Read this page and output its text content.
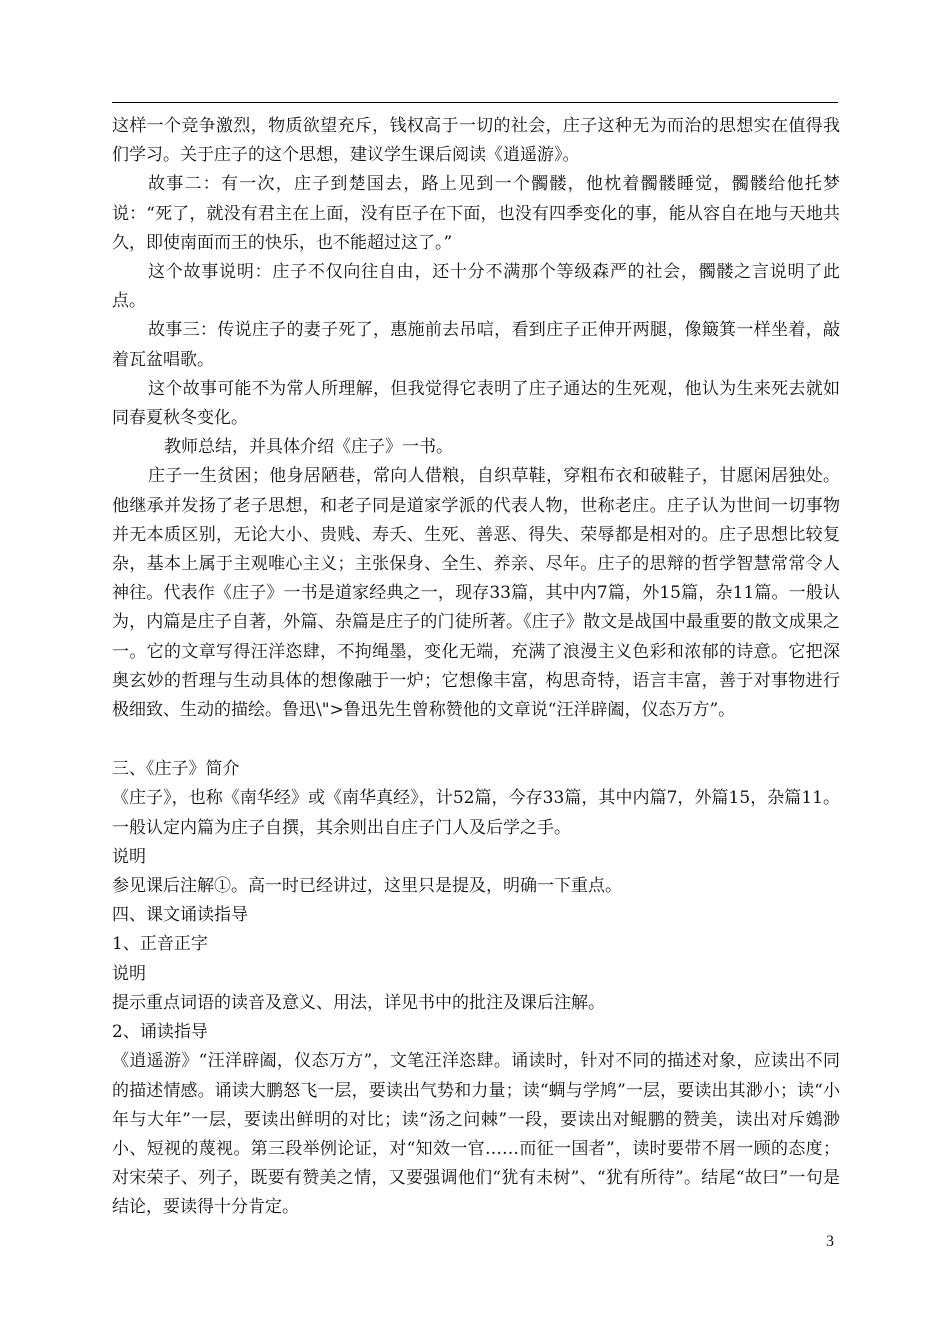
这样一个竞争激烈，物质欲望充斥，钱权高于一切的社会，庄子这种无为而治的思想实在值得我们学习。关于庄子的这个思想，建议学生课后阅读《逍遥游》。

故事二：有一次，庄子到楚国去，路上见到一个髑髅，他枕着髑髅睡觉，髑髅给他托梦说：“死了，就没有君主在上面，没有臣子在下面，也没有四季变化的事，能从容自在地与天地共久，即使南面而王的快乐，也不能超过这了。”

这个故事说明：庄子不仅向往自由，还十分不满那个等级森严的社会，髑髅之言说明了此点。

故事三：传说庄子的妻子死了，惠施前去吊唁，看到庄子正伸开两腿，像簸箕一样坐着，敲着瓦盆唱歌。

这个故事可能不为常人所理解，但我觉得它表明了庄子通达的生死观，他认为生来死去就如同春夏秋冬变化。

教师总结，并具体介绍《庄子》一书。

庄子一生贫困；他身居陋巷，常向人借粮，自织草鞋，穿粗布衣和破鞋子，甘愿闲居独处。他继承并发扬了老子思想，和老子同是道家学派的代表人物，世称老庄。庄子认为世间一切事物并无本质区别，无论大小、贵贱、寿夭、生死、善恶、得失、荣辱都是相对的。庄子思想比较复杂，基本上属于主观唯心主义；主张保身、全生、养亲、尽年。庄子的思辩的哲学智慧常常令人神往。代表作《庄子》一书是道家经典之一，现存33篇，其中内7篇，外15篇，杂11篇。一般认为，内篇是庄子自著，外篇、杂篇是庄子的门徒所著。《庄子》散文是战国中最重要的散文成果之一。它的文章写得汪洋恣肆，不拘绳墨，变化无端，充满了浪漫主义色彩和浓郁的诗意。它把深奥玄妙的哲理与生动具体的想像融于一炉；它想像丰富，构思奇特，语言丰富，善于对事物进行极细致、生动的描绘。鲁迅\">鲁迅先生曾称赞他的文章说“汪洋辟阖，仪态万方”。

三、《庄子》简介

《庄子》，也称《南华经》或《南华真经》，计52篇，今存33篇，其中内篇7，外篇15，杂篇11。一般认定内篇为庄子自撰，其余则出自庄子门人及后学之手。

说明

参见课后注解①。高一时已经讲过，这里只是提及，明确一下重点。

四、课文诵读指导

1、正音正字

说明

提示重点词语的读音及意义、用法，详见书中的批注及课后注解。

2、诵读指导

《逍遥游》“汪洋辟阖，仪态万方”，文笔汪洋恣肆。诵读时，针对不同的描述对象，应读出不同的描述情感。诵读大鹏怒飞一层，要读出气势和力量；读“蜩与学鸠”一层，要读出其渺小；读“小年与大年”一层，要读出鲜明的对比；读“汤之问棘”一段，要读出对鲲鹏的赞美，读出对斥鴳渺小、短视的蔑视。第三段举例论证，对“知效一官……而征一国者”，读时要带不屑一顾的态度；对宋荣子、列子，既要有赞美之情，又要强调他们“犹有未树”、“犹有所待”。结尾“故曰”一句是结论，要读得十分肯定。

3
